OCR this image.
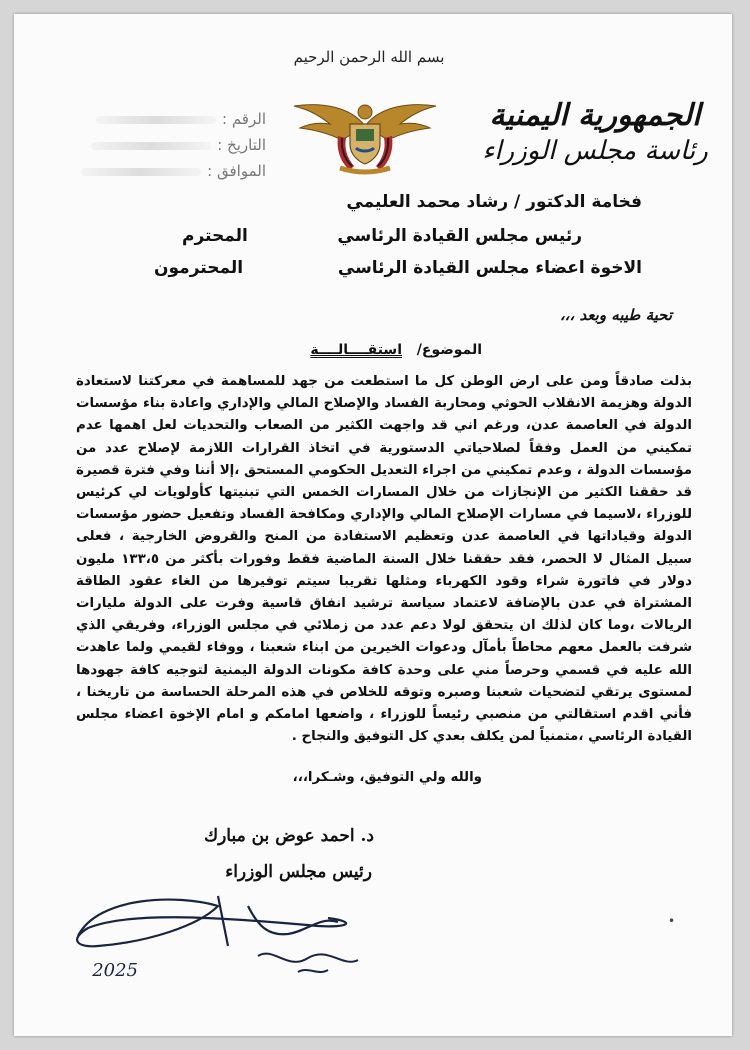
بسم الله الرحمن الرحيم
الجمهورية اليمنية
رئاسة مجلس الوزراء
الرقم :
التاريخ :
الموافق :
فخامة الدكتور / رشاد محمد العليمي
رئيس مجلس القيادة الرئاسي
المحترم
الاخوة اعضاء مجلس القيادة الرئاسي
المحترمون
تحية طيبه وبعد ،،،
الموضوع/
استقــــالــــة

بذلت صادقاً ومن على ارض الوطن كل ما استطعت من جهد للمساهمة في معركتنا لاستعادة الدولة وهزيمة الانقلاب الحوثي ومحاربة الفساد والإصلاح المالي والإداري واعادة بناء مؤسسات الدولة في العاصمة عدن، ورغم اني قد واجهت الكثير من الصعاب والتحديات لعل اهمها عدم تمكيني من العمل وفقاً لصلاحياتي الدستورية في اتخاذ القرارات اللازمة لإصلاح عدد من مؤسسات الدولة ، وعدم تمكيني من اجراء التعديل الحكومي المستحق ،إلا أننا وفي فترة قصيرة قد حققنا الكثير من الإنجازات من خلال المسارات الخمس التي تبنيتها كأولويات لي كرئيس للوزراء ،لاسيما في مسارات الإصلاح المالي والإداري ومكافحة الفساد وتفعيل حضور مؤسسات الدولة وقياداتها في العاصمة عدن وتعظيم الاستفادة من المنح والقروض الخارجية ، فعلى سبيل المثال لا الحصر، فقد حققنا خلال السنة الماضية فقط وفورات بأكثر من ١٣٣،٥ مليون دولار في فاتورة شراء وقود الكهرباء ومثلها تقريبا سيتم توفيرها من الغاء عقود الطاقة المشتراة في عدن بالإضافة لاعتماد سياسة ترشيد انفاق قاسية وفرت على الدولة مليارات الريالات ،وما كان لذلك ان يتحقق لولا دعم عدد من زملائي في مجلس الوزراء، وفريقي الذي شرفت بالعمل معهم محاطاً بأمآل ودعوات الخيرين من ابناء شعبنا ، ووفاء لقيمي ولما عاهدت الله عليه في قسمي وحرصاً مني على وحدة كافة مكونات الدولة اليمنية لتوجيه كافة جهودها لمستوى يرتقي لتضحيات شعبنا وصبره وتوقه للخلاص في هذه المرحلة الحساسة من تاريخنا ، فأني اقدم استقالتي من منصبي رئيساً للوزراء ، واضعها امامكم و امام الإخوة اعضاء مجلس القيادة الرئاسي ،متمنياً لمن يكلف بعدي كل التوفيق والنجاح .

والله ولي التوفيق، وشـكرا،،،
د. احمد عوض بن مبارك
رئيس مجلس الوزراء
2025
•
